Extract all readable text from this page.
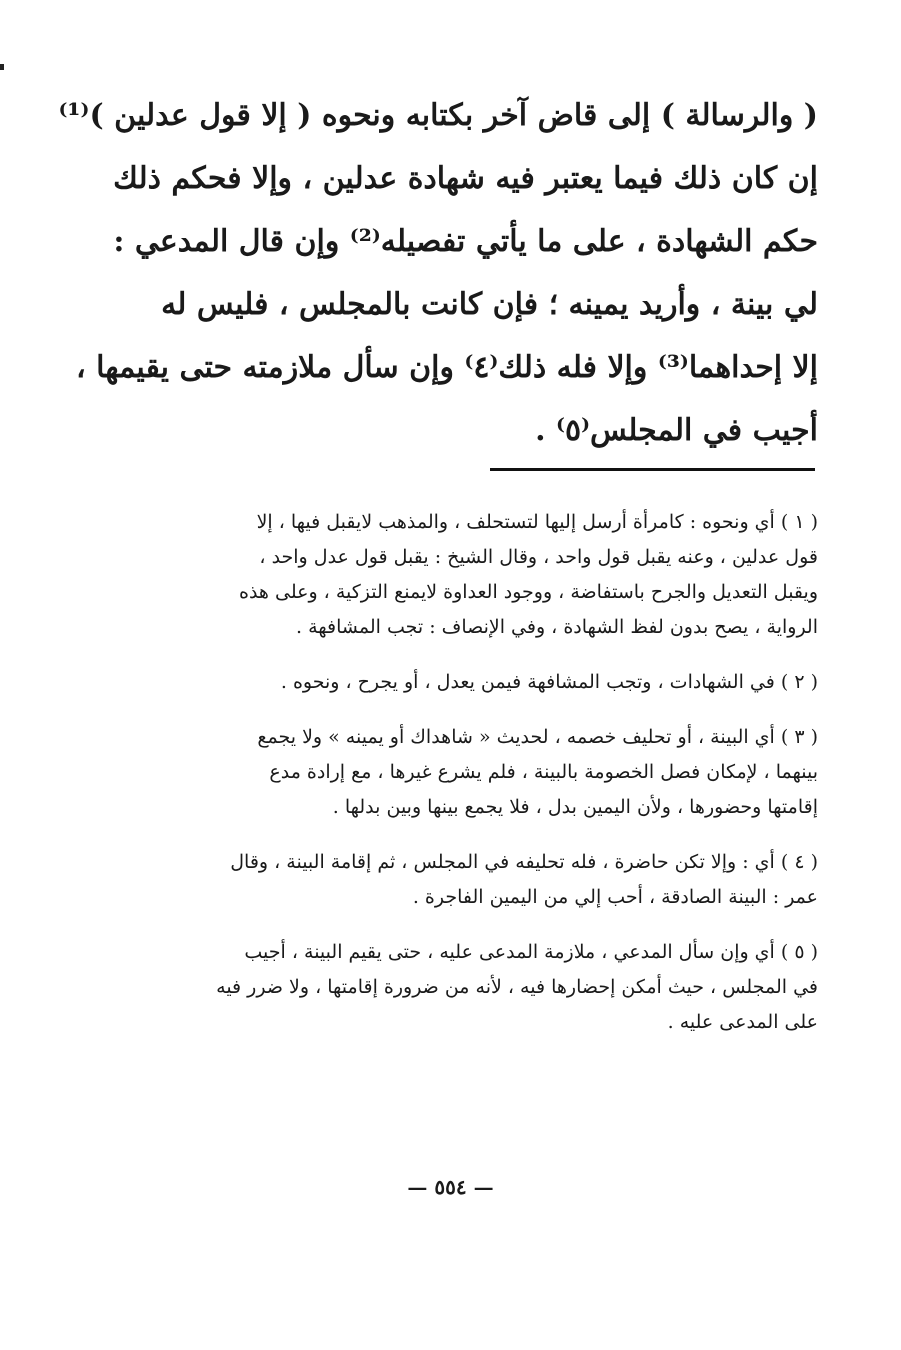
( والرسالة ) إلى قاض آخر بكتابه ونحوه ( إلا قول عدلين )⁽¹⁾
إن كان ذلك فيما يعتبر فيه شهادة عدلين ، وإلا فحكم ذلك
حكم الشهادة ، على ما يأتي تفصيله⁽²⁾ وإن قال المدعي :
لي بينة ، وأريد يمينه ؛ فإن كانت بالمجلس ، فليس له
إلا إحداهما⁽³⁾ وإلا فله ذلك⁽٤⁾ وإن سأل ملازمته حتى يقيمها ،
أجيب في المجلس⁽٥⁾ .
( ١ ) أي ونحوه : كامرأة أرسل إليها لتستحلف ، والمذهب لايقبل فيها ، إلا
قول عدلين ، وعنه يقبل قول واحد ، وقال الشيخ : يقبل قول عدل واحد ،
ويقبل التعديل والجرح باستفاضة ، ووجود العداوة لايمنع التزكية ، وعلى هذه
الرواية ، يصح بدون لفظ الشهادة ، وفي الإنصاف : تجب المشافهة .
( ٢ ) في الشهادات ، وتجب المشافهة فيمن يعدل ، أو يجرح ، ونحوه .
( ٣ ) أي البينة ، أو تحليف خصمه ، لحديث « شاهداك أو يمينه » ولا يجمع
بينهما ، لإمكان فصل الخصومة بالبينة ، فلم يشرع غيرها ، مع إرادة مدع
إقامتها وحضورها ، ولأن اليمين بدل ، فلا يجمع بينها وبين بدلها .
( ٤ ) أي : وإلا تكن حاضرة ، فله تحليفه في المجلس ، ثم إقامة البينة ، وقال
عمر : البينة الصادقة ، أحب إلي من اليمين الفاجرة .
( ٥ ) أي وإن سأل المدعي ، ملازمة المدعى عليه ، حتى يقيم البينة ، أجيب
في المجلس ، حيث أمكن إحضارها فيه ، لأنه من ضرورة إقامتها ، ولا ضرر فيه
على المدعى عليه .
— ٥٥٤ —
